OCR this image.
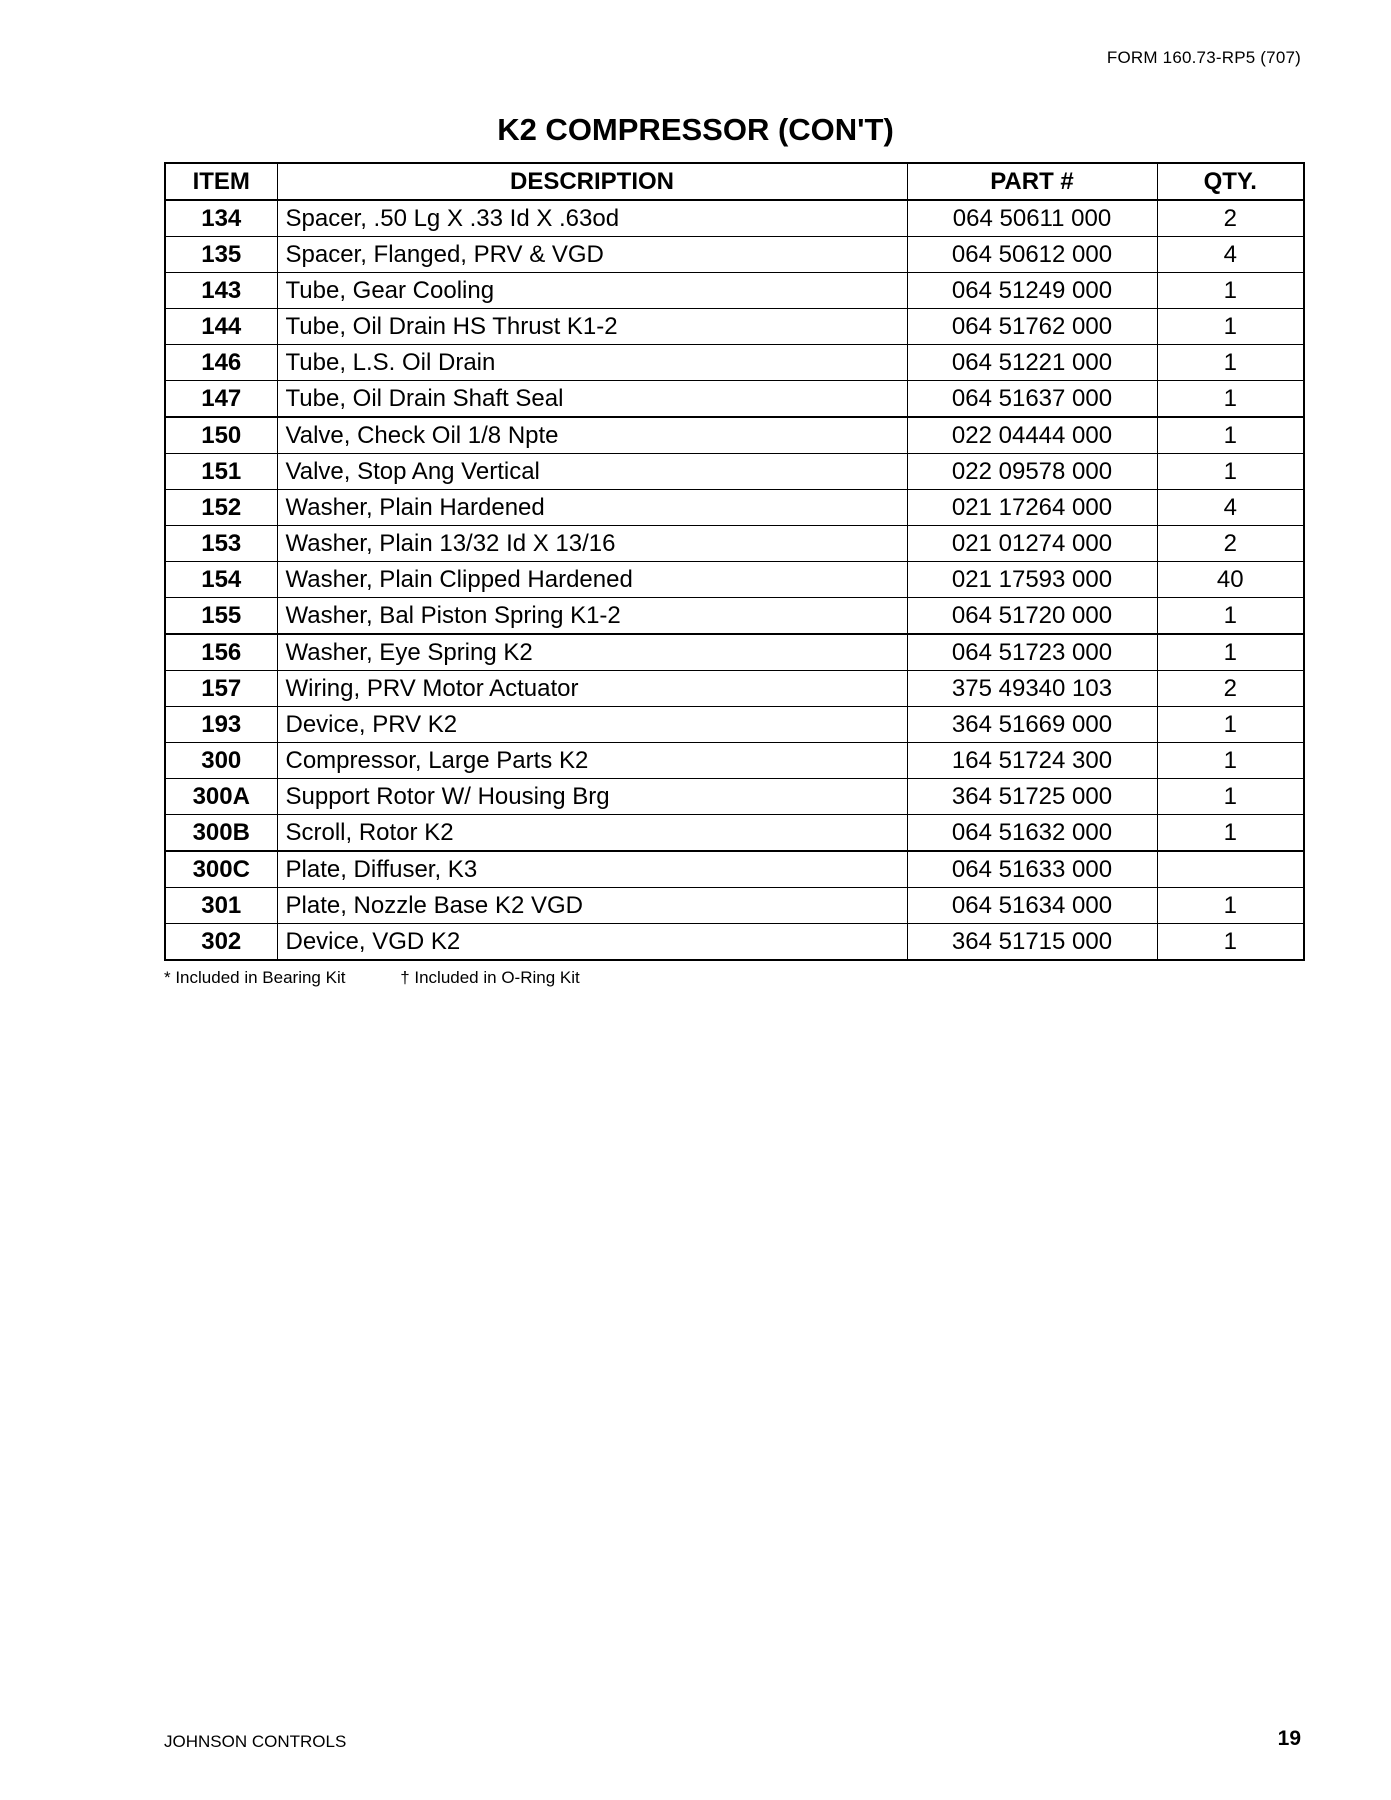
FORM 160.73-RP5 (707)
K2 COMPRESSOR (CON'T)
ITEM	DESCRIPTION	PART #	QTY.
134	Spacer, .50 Lg X .33 Id X .63od	064 50611 000	2
135	Spacer, Flanged, PRV & VGD	064 50612 000	4
143	Tube, Gear Cooling	064 51249 000	1
144	Tube, Oil Drain HS Thrust K1-2	064 51762 000	1
146	Tube, L.S. Oil Drain	064 51221 000	1
147	Tube, Oil Drain Shaft Seal	064 51637 000	1
150	Valve, Check Oil 1/8 Npte	022 04444 000	1
151	Valve, Stop Ang Vertical	022 09578 000	1
152	Washer, Plain Hardened	021 17264 000	4
153	Washer, Plain 13/32 Id X 13/16	021 01274 000	2
154	Washer, Plain Clipped Hardened	021 17593 000	40
155	Washer, Bal Piston Spring K1-2	064 51720 000	1
156	Washer, Eye Spring K2	064 51723 000	1
157	Wiring, PRV Motor Actuator	375 49340 103	2
193	Device, PRV K2	364 51669 000	1
300	Compressor, Large Parts K2	164 51724 300	1
300A	Support Rotor W/ Housing Brg	364 51725 000	1
300B	Scroll, Rotor K2	064 51632 000	1
300C	Plate, Diffuser, K3	064 51633 000	
301	Plate, Nozzle Base K2 VGD	064 51634 000	1
302	Device, VGD K2	364 51715 000	1
* Included in Bearing Kit	† Included in O-Ring Kit
JOHNSON CONTROLS	19
